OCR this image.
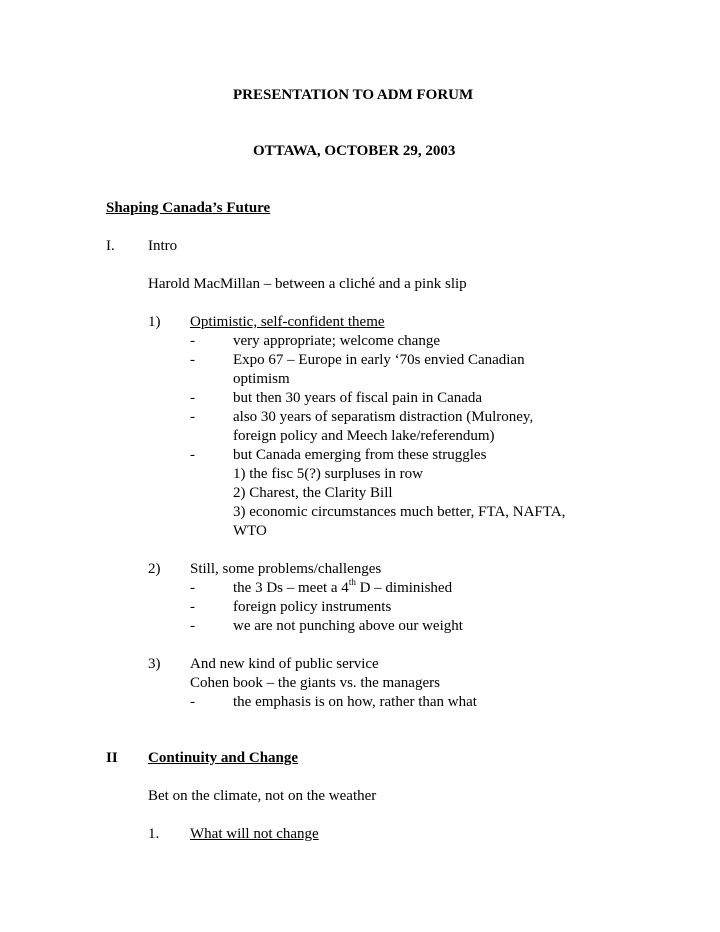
PRESENTATION TO ADM FORUM
OTTAWA, OCTOBER 29, 2003
Shaping Canada’s Future
I. Intro
Harold MacMillan – between a cliché and a pink slip
1) Optimistic, self-confident theme
-	very appropriate; welcome change
-	Expo 67 – Europe in early ‘70s envied Canadian
optimism
-	but then 30 years of fiscal pain in Canada
-	also 30 years of separatism distraction (Mulroney,
foreign policy and Meech lake/referendum)
-	but Canada emerging from these struggles
1) the fisc 5(?) surpluses in row
2) Charest, the Clarity Bill
3) economic circumstances much better, FTA, NAFTA,
WTO
2) Still, some problems/challenges
-	the 3 Ds – meet a 4th D – diminished
-	foreign policy instruments
-	we are not punching above our weight
3) And new kind of public service
Cohen book – the giants vs. the managers
-	the emphasis is on how, rather than what
II Continuity and Change
Bet on the climate, not on the weather
1. What will not change
